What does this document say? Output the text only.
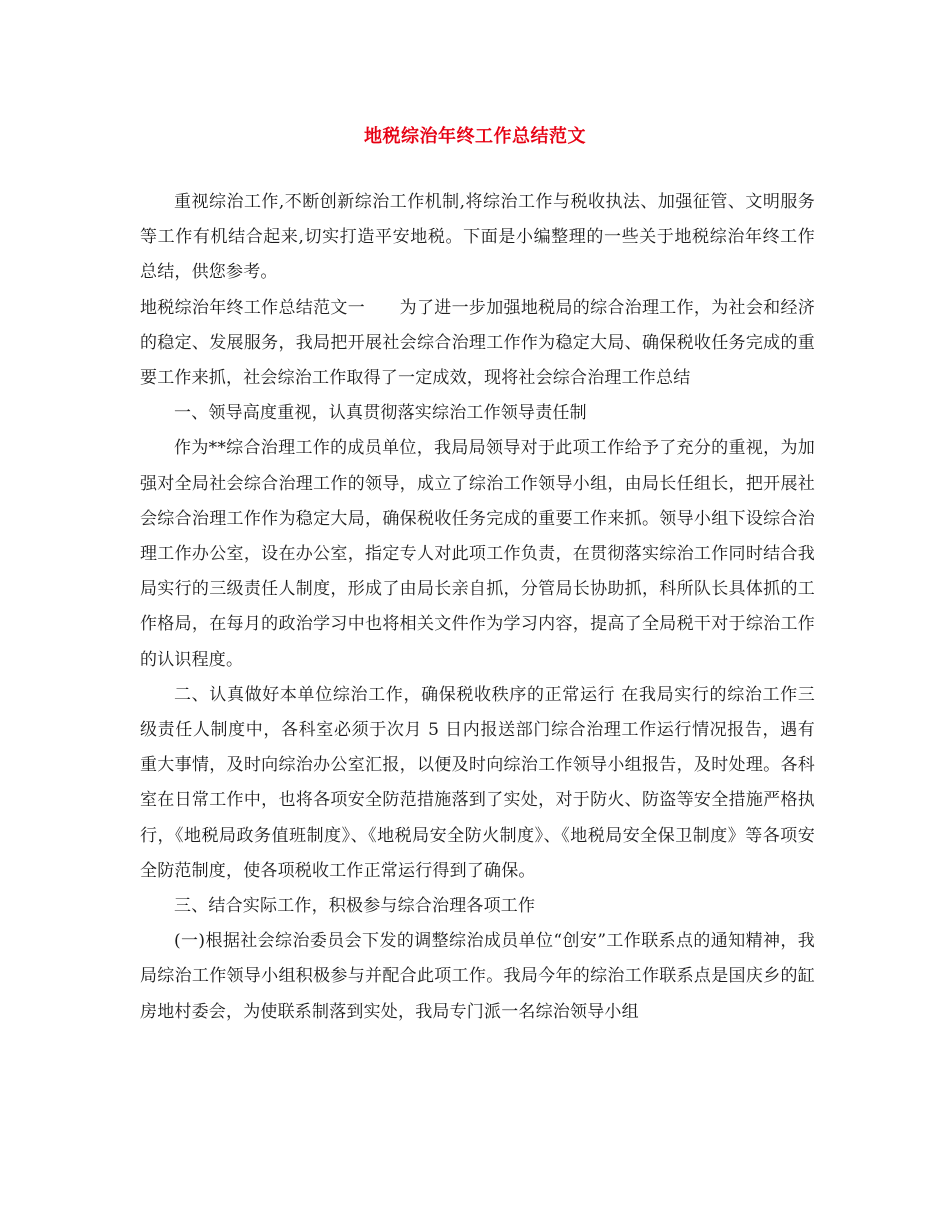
地税综治年终工作总结范文

重视综治工作,不断创新综治工作机制,将综治工作与税收执法、加强征管、文明服务等工作有机结合起来,切实打造平安地税。下面是小编整理的一些关于地税综治年终工作总结，供您参考。

地税综治年终工作总结范文一　　为了进一步加强地税局的综合治理工作，为社会和经济的稳定、发展服务，我局把开展社会综合治理工作作为稳定大局、确保税收任务完成的重要工作来抓，社会综治工作取得了一定成效，现将社会综合治理工作总结

一、领导高度重视，认真贯彻落实综治工作领导责任制

作为**综合治理工作的成员单位，我局局领导对于此项工作给予了充分的重视，为加强对全局社会综合治理工作的领导，成立了综治工作领导小组，由局长任组长，把开展社会综合治理工作作为稳定大局，确保税收任务完成的重要工作来抓。领导小组下设综合治理工作办公室，设在办公室，指定专人对此项工作负责，在贯彻落实综治工作同时结合我局实行的三级责任人制度，形成了由局长亲自抓，分管局长协助抓，科所队长具体抓的工作格局，在每月的政治学习中也将相关文件作为学习内容，提高了全局税干对于综治工作的认识程度。

二、认真做好本单位综治工作，确保税收秩序的正常运行 在我局实行的综治工作三级责任人制度中，各科室必须于次月 5 日内报送部门综合治理工作运行情况报告，遇有重大事情，及时向综治办公室汇报，以便及时向综治工作领导小组报告，及时处理。各科室在日常工作中，也将各项安全防范措施落到了实处，对于防火、防盗等安全措施严格执行，《地税局政务值班制度》、《地税局安全防火制度》、《地税局安全保卫制度》等各项安全防范制度，使各项税收工作正常运行得到了确保。

三、结合实际工作，积极参与综合治理各项工作

(一)根据社会综治委员会下发的调整综治成员单位“创安”工作联系点的通知精神，我局综治工作领导小组积极参与并配合此项工作。我局今年的综治工作联系点是国庆乡的缸房地村委会，为使联系制落到实处，我局专门派一名综治领导小组
